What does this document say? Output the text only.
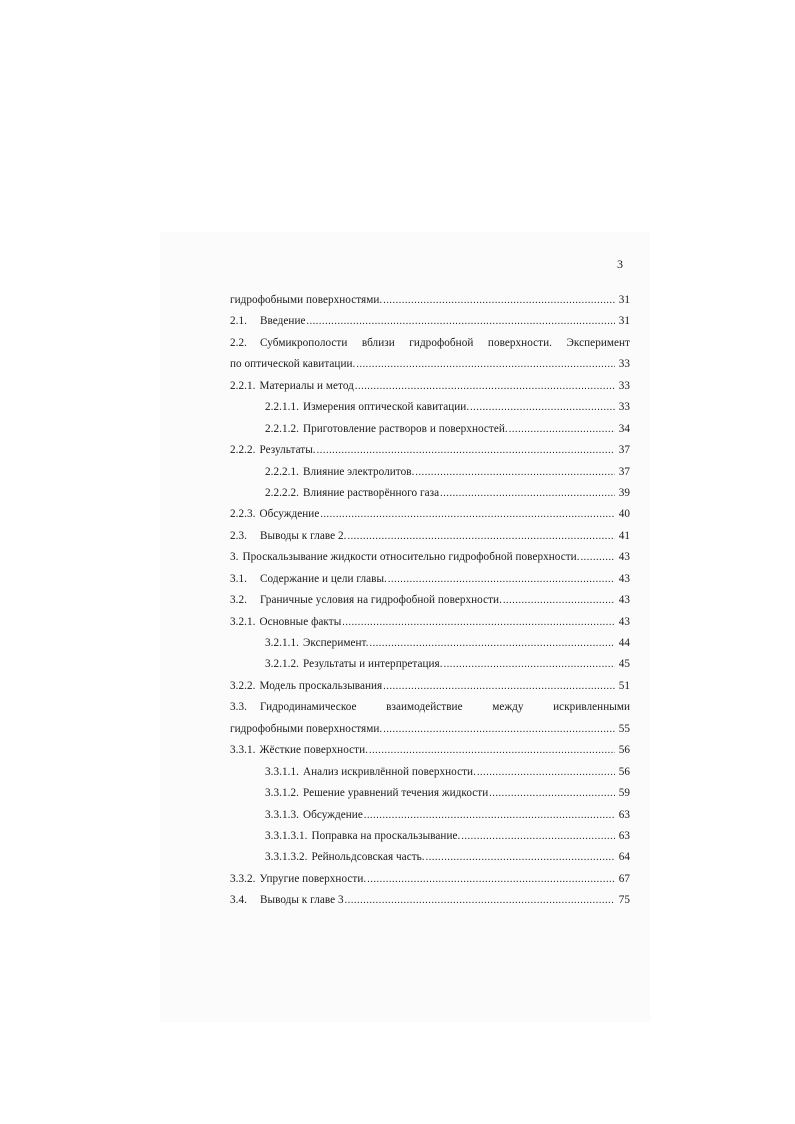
3
гидрофобными поверхностями. .....	31
2.1.	Введение .....	31
2.2.	Субмикрополости вблизи гидрофобной поверхности. Эксперимент
по оптической кавитации. .....	33
2.2.1. Материалы и метод .....	33
2.2.1.1. Измерения оптической кавитации. .....	33
2.2.1.2. Приготовление растворов и поверхностей. .....	34
2.2.2. Результаты. .....	37
2.2.2.1. Влияние электролитов. .....	37
2.2.2.2. Влияние растворённого газа .....	39
2.2.3. Обсуждение .....	40
2.3.	Выводы к главе 2. .....	41
3. Проскальзывание жидкости относительно гидрофобной поверхности. .....	43
3.1.	Содержание и цели главы. .....	43
3.2.	Граничные условия на гидрофобной поверхности. .....	43
3.2.1. Основные факты .....	43
3.2.1.1. Эксперимент. .....	44
3.2.1.2. Результаты и интерпретация. .....	45
3.2.2. Модель проскальзывания .....	51
3.3.	Гидродинамическое взаимодействие между искривленными
гидрофобными поверхностями. .....	55
3.3.1. Жёсткие поверхности. .....	56
3.3.1.1. Анализ искривлённой поверхности. .....	56
3.3.1.2. Решение уравнений течения жидкости .....	59
3.3.1.3. Обсуждение .....	63
3.3.1.3.1. Поправка на проскальзывание. .....	63
3.3.1.3.2. Рейнольдсовская часть. .....	64
3.3.2. Упругие поверхности. .....	67
3.4.	Выводы к главе 3 .....	75
